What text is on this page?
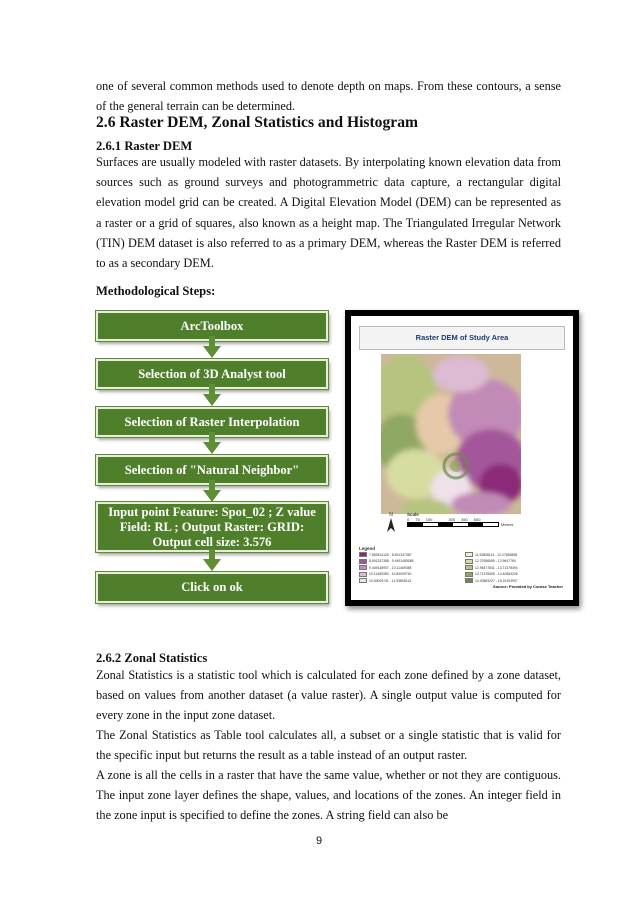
one of several common methods used to denote depth on maps. From these contours, a sense of the general terrain can be determined.

2.6 Raster DEM, Zonal Statistics and Histogram
2.6.1 Raster DEM

Surfaces are usually modeled with raster datasets. By interpolating known elevation data from sources such as ground surveys and photogrammetric data capture, a rectangular digital elevation model grid can be created. A Digital Elevation Model (DEM) can be represented as a raster or a grid of squares, also known as a height map. The Triangulated Irregular Network (TIN) DEM dataset is also referred to as a primary DEM, whereas the Raster DEM is referred to as a secondary DEM.

Methodological Steps:
ArcToolbox
Selection of 3D Analyst tool
Selection of Raster Interpolation
Selection of "Natural Neighbor"
Input point Feature: Spot_02 ; Z value Field: RL ; Output Raster: GRID: Output cell size: 3.576
Click on ok
Raster DEM of Study Area
N	Scale
0 75 150	300 450 600
Meters
Legend
7.852814126 - 8.691337387	11.53808114 - 12.27656558
8.691337388 - 9.4491489068	12.27656559 - 12.9647784
9.449148907 - 10.11469358	12.96477841 - 13.71378494
10.11469359 - 10.83009740	13.71378495 - 14.40583226
10.83009741 - 11.53808113	14.40583227 - 15.15193907
Source: Provided by Course Teacher
2.6.2 Zonal Statistics

Zonal Statistics is a statistic tool which is calculated for each zone defined by a zone dataset, based on values from another dataset (a value raster). A single output value is computed for every zone in the input zone dataset.

The Zonal Statistics as Table tool calculates all, a subset or a single statistic that is valid for the specific input but returns the result as a table instead of an output raster.

A zone is all the cells in a raster that have the same value, whether or not they are contiguous. The input zone layer defines the shape, values, and locations of the zones. An integer field in the zone input is specified to define the zones. A string field can also be

9
